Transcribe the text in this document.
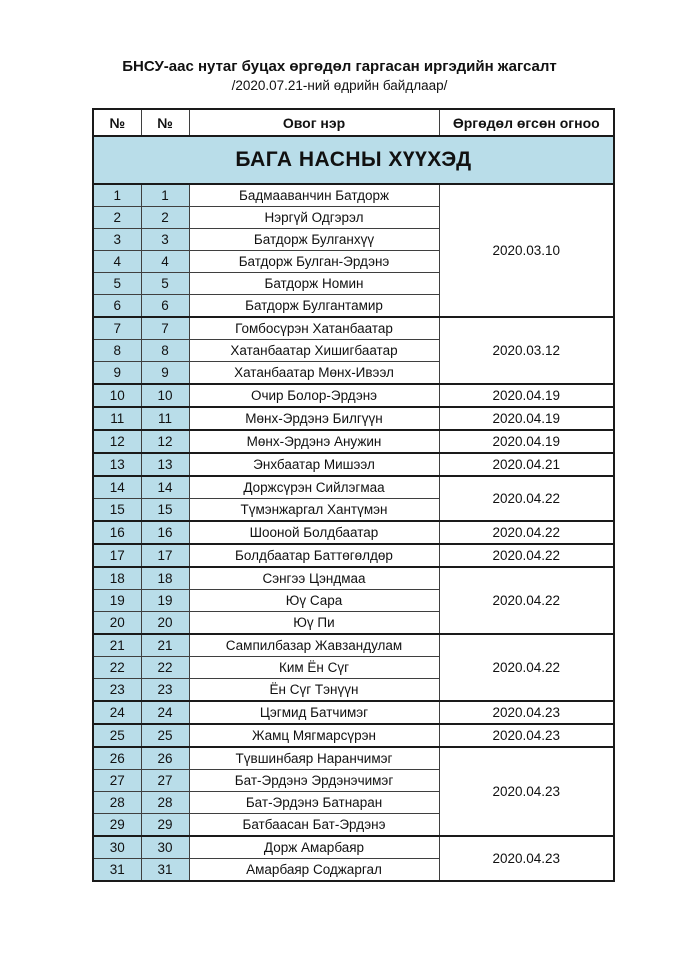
БНСУ-аас нутаг буцах өргөдөл гаргасан иргэдийн жагсалт
/2020.07.21-ний өдрийн байдлаар/
№	№	Овог нэр	Өргөдөл өгсөн огноо
БАГА НАСНЫ ХҮҮХЭД			
1	1	Бадмааванчин Батдорж	2020.03.10
2	2	Нэргүй Одгэрэл	
3	3	Батдорж Булганхүү	
4	4	Батдорж Булган-Эрдэнэ	
5	5	Батдорж Номин	
6	6	Батдорж Булгантамир	
7	7	Гомбосүрэн Хатанбаатар	2020.03.12
8	8	Хатанбаатар Хишигбаатар	
9	9	Хатанбаатар Мөнх-Ивээл	
10	10	Очир Болор-Эрдэнэ	2020.04.19
11	11	Мөнх-Эрдэнэ Билгүүн	2020.04.19
12	12	Мөнх-Эрдэнэ Анужин	2020.04.19
13	13	Энхбаатар Мишээл	2020.04.21
14	14	Доржсүрэн Сийлэгмаа	2020.04.22
15	15	Түмэнжаргал Хантүмэн	
16	16	Шооной Болдбаатар	2020.04.22
17	17	Болдбаатар Баттөгөлдөр	2020.04.22
18	18	Сэнгээ Цэндмаа	2020.04.22
19	19	Юү Сара	
20	20	Юү Пи	
21	21	Сампилбазар Жавзандулам	2020.04.22
22	22	Ким Ён Сүг	
23	23	Ён Сүг Тэнүүн	
24	24	Цэгмид Батчимэг	2020.04.23
25	25	Жамц Мягмарсүрэн	2020.04.23
26	26	Түвшинбаяр Наранчимэг	2020.04.23
27	27	Бат-Эрдэнэ Эрдэнэчимэг	
28	28	Бат-Эрдэнэ Батнаран	
29	29	Батбаасан Бат-Эрдэнэ	
30	30	Дорж Амарбаяр	2020.04.23
31	31	Амарбаяр Соджаргал	
